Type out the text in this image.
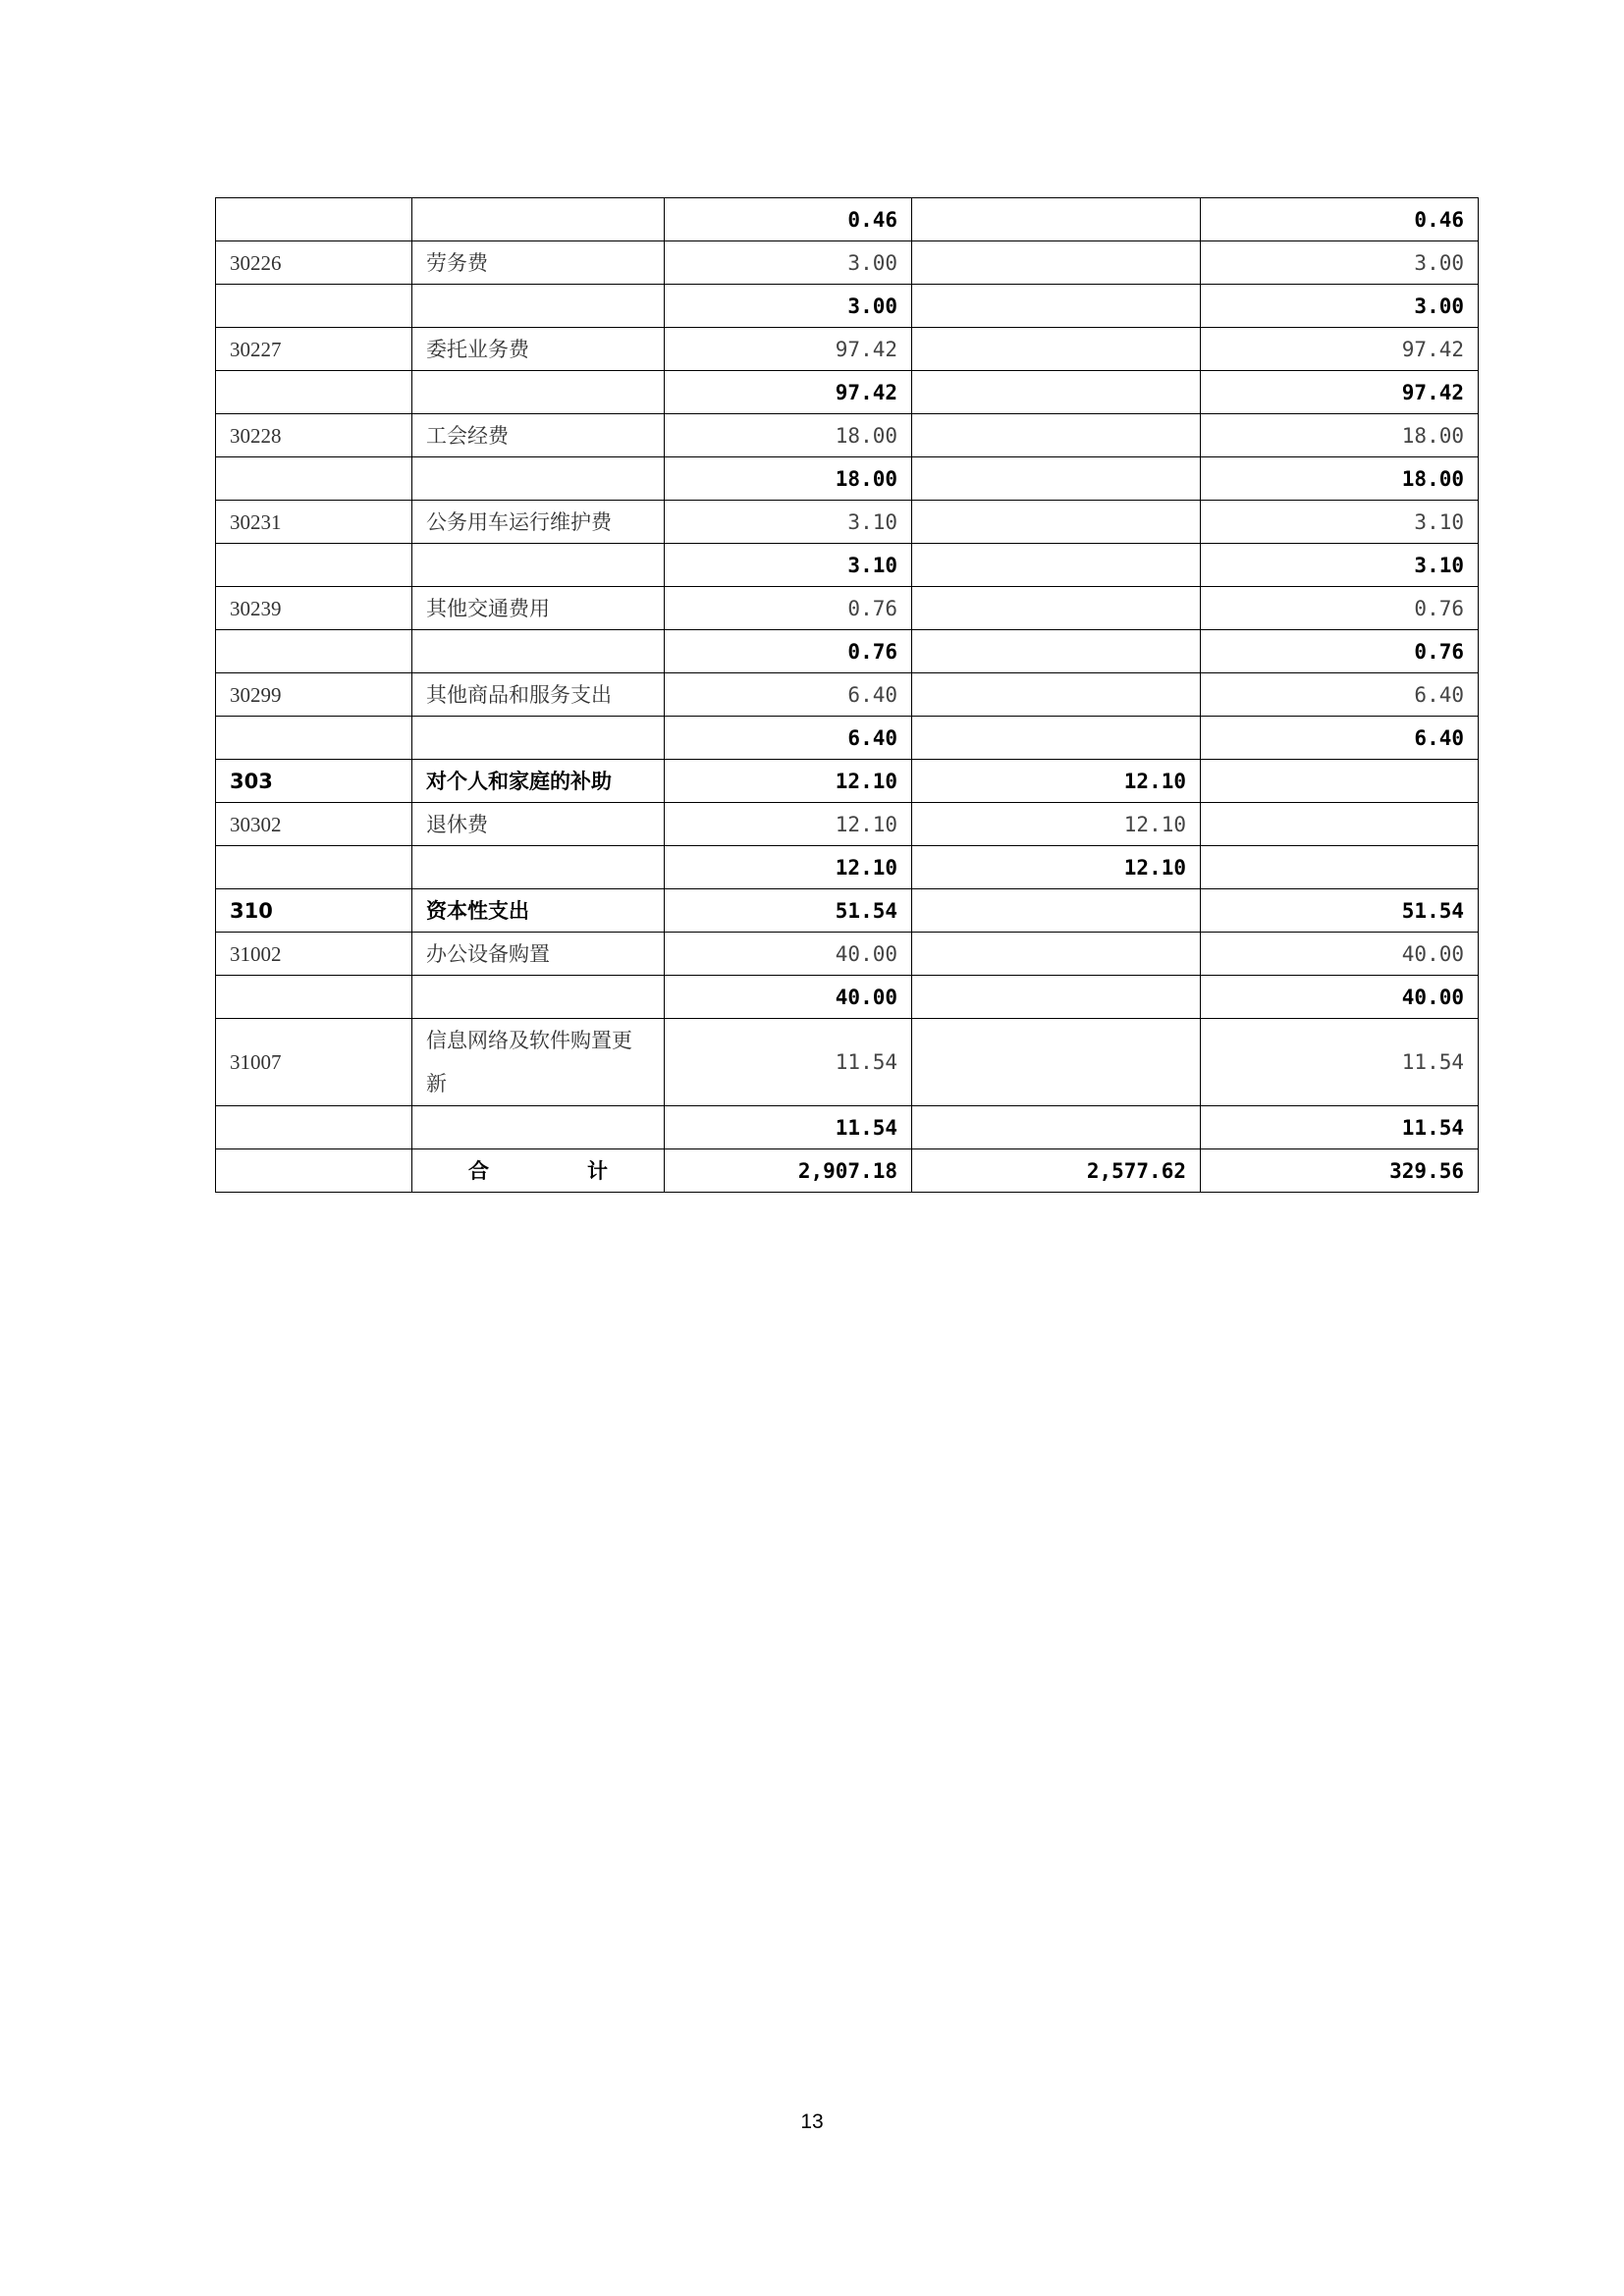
		0.46		0.46
30226	劳务费	3.00		3.00
		3.00		3.00
30227	委托业务费	97.42		97.42
		97.42		97.42
30228	工会经费	18.00		18.00
		18.00		18.00
30231	公务用车运行维护费	3.10		3.10
		3.10		3.10
30239	其他交通费用	0.76		0.76
		0.76		0.76
30299	其他商品和服务支出	6.40		6.40
		6.40		6.40
303	对个人和家庭的补助	12.10	12.10	
30302	退休费	12.10	12.10	
		12.10	12.10	
310	资本性支出	51.54		51.54
31002	办公设备购置	40.00		40.00
		40.00		40.00
31007	信息网络及软件购置更新	11.54		11.54
		11.54		11.54
	合 计	2,907.18	2,577.62	329.56
13
